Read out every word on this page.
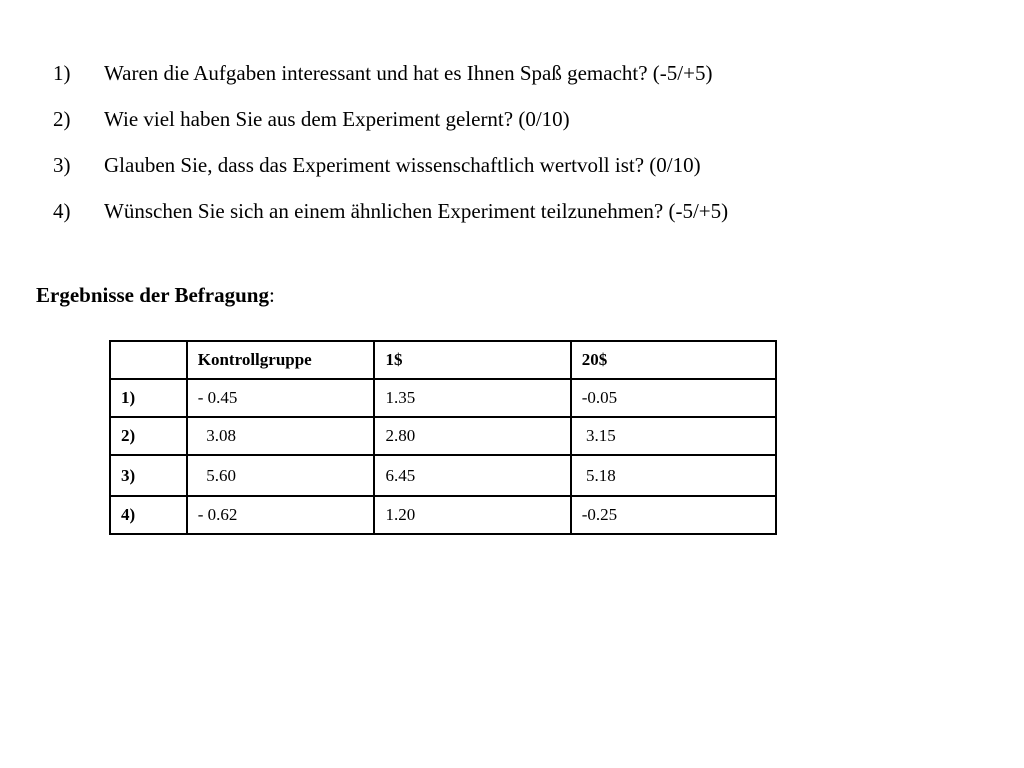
1) Waren die Aufgaben interessant und hat es Ihnen Spaß gemacht? (-5/+5)
2) Wie viel haben Sie aus dem Experiment gelernt? (0/10)
3) Glauben Sie, dass das Experiment wissenschaftlich wertvoll ist? (0/10)
4) Wünschen Sie sich an einem ähnlichen Experiment teilzunehmen? (-5/+5)
Ergebnisse der Befragung:
	Kontrollgruppe	1$	20$
1)	- 0.45	1.35	-0.05
2)	3.08	2.80	3.15
3)	5.60	6.45	5.18
4)	- 0.62	1.20	-0.25
